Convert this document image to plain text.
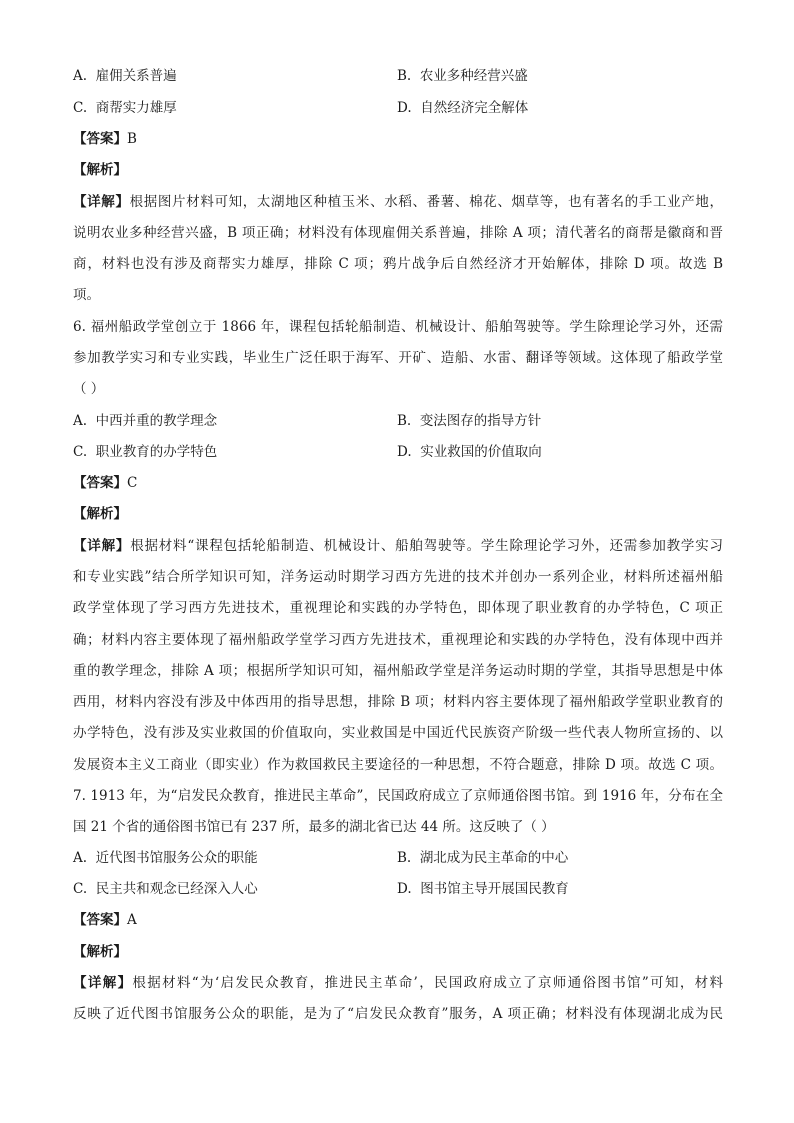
A. 雇佣关系普遍	B. 农业多种经营兴盛
C. 商帮实力雄厚	D. 自然经济完全解体
【答案】B
【解析】
【详解】根据图片材料可知，太湖地区种植玉米、水稻、番薯、棉花、烟草等，也有著名的手工业产地，
说明农业多种经营兴盛，B 项正确；材料没有体现雇佣关系普遍，排除 A 项；清代著名的商帮是徽商和晋
商，材料也没有涉及商帮实力雄厚，排除 C 项；鸦片战争后自然经济才开始解体，排除 D 项。故选 B
项。
6. 福州船政学堂创立于 1866 年，课程包括轮船制造、机械设计、船舶驾驶等。学生除理论学习外，还需
参加教学实习和专业实践，毕业生广泛任职于海军、开矿、造船、水雷、翻译等领域。这体现了船政学堂
（ ）
A. 中西并重的教学理念	B. 变法图存的指导方针
C. 职业教育的办学特色	D. 实业救国的价值取向
【答案】C
【解析】
【详解】根据材料“课程包括轮船制造、机械设计、船舶驾驶等。学生除理论学习外，还需参加教学实习
和专业实践”结合所学知识可知，洋务运动时期学习西方先进的技术并创办一系列企业，材料所述福州船
政学堂体现了学习西方先进技术，重视理论和实践的办学特色，即体现了职业教育的办学特色，C 项正
确；材料内容主要体现了福州船政学堂学习西方先进技术，重视理论和实践的办学特色，没有体现中西并
重的教学理念，排除 A 项；根据所学知识可知，福州船政学堂是洋务运动时期的学堂，其指导思想是中体
西用，材料内容没有涉及中体西用的指导思想，排除 B 项；材料内容主要体现了福州船政学堂职业教育的
办学特色，没有涉及实业救国的价值取向，实业救国是中国近代民族资产阶级一些代表人物所宣扬的、以
发展资本主义工商业（即实业）作为救国救民主要途径的一种思想，不符合题意，排除 D 项。故选 C 项。
7. 1913 年，为“启发民众教育，推进民主革命”，民国政府成立了京师通俗图书馆。到 1916 年，分布在全
国 21 个省的通俗图书馆已有 237 所，最多的湖北省已达 44 所。这反映了（ ）
A. 近代图书馆服务公众的职能	B. 湖北成为民主革命的中心
C. 民主共和观念已经深入人心	D. 图书馆主导开展国民教育
【答案】A
【解析】
【详解】根据材料“为‘启发民众教育，推进民主革命’，民国政府成立了京师通俗图书馆”可知，材料
反映了近代图书馆服务公众的职能，是为了“启发民众教育”服务，A 项正确；材料没有体现湖北成为民
